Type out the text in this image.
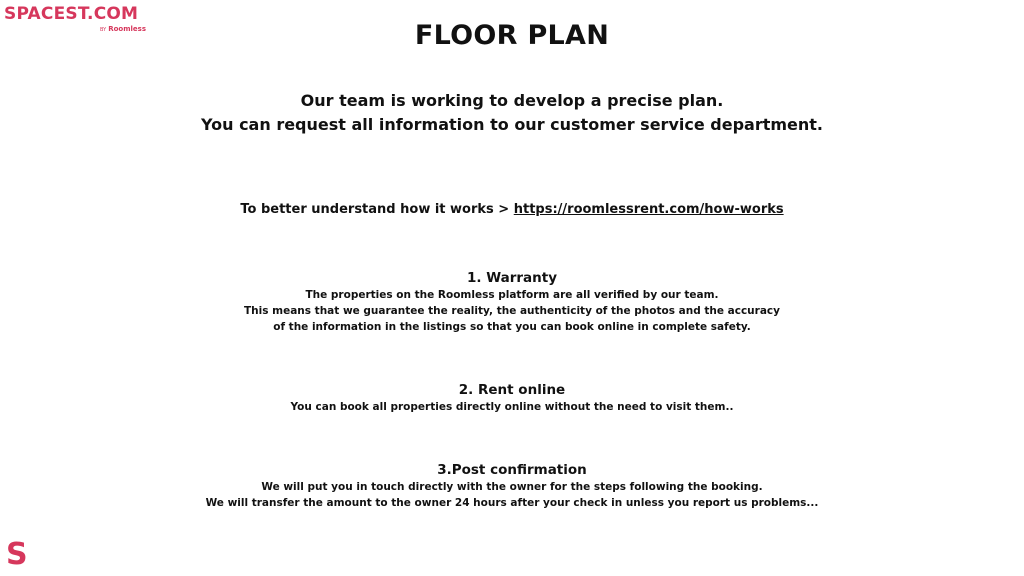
SPACEST.COM
BY Roomless	FLOOR PLAN
Our team is working to develop a precise plan.
You can request all information to our customer service department.
To better understand how it works > https://roomlessrent.com/how-works
1. Warranty

The properties on the Roomless platform are all verified by our team.

This means that we guarantee the reality, the authenticity of the photos and the accuracy

of the information in the listings so that you can book online in complete safety.

2. Rent online

You can book all properties directly online without the need to visit them..

3.Post confirmation

We will put you in touch directly with the owner for the steps following the booking.

We will transfer the amount to the owner 24 hours after your check in unless you report us problems...

S
